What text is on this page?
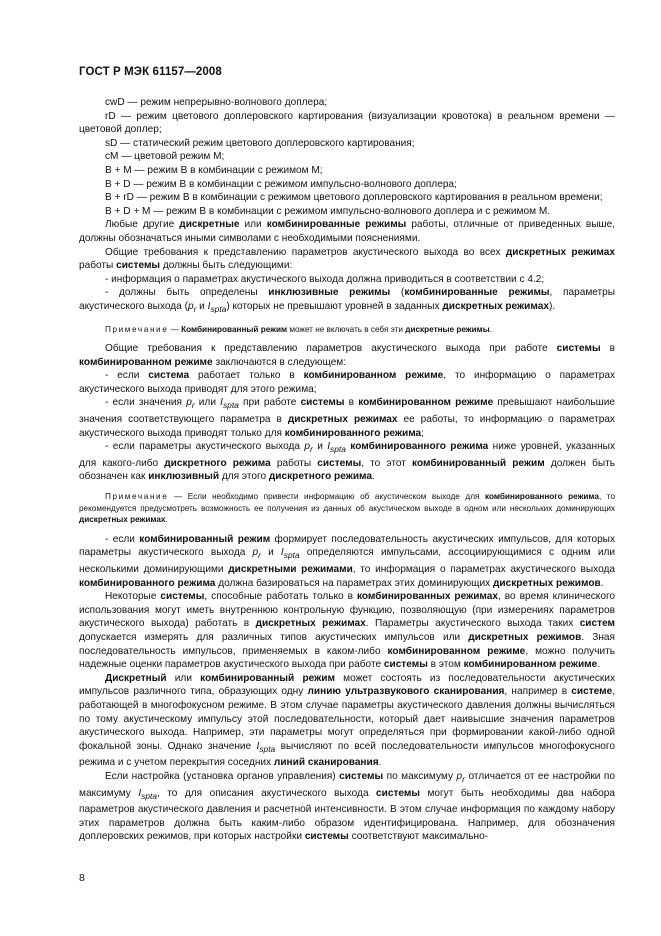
ГОСТ Р МЭК 61157—2008

cwD — режим непрерывно-волнового доплера;

rD — режим цветового доплеровского картирования (визуализации кровотока) в реальном времени — цветовой доплер;

sD — статический режим цветового доплеровского картирования;

cM — цветовой режим M;

B + M — режим B в комбинации с режимом M;

B + D — режим B в комбинации с режимом импульсно-волнового доплера;

B + rD — режим B в комбинации с режимом цветового доплеровского картирования в реальном времени;

B + D + M — режим B в комбинации с режимом импульсно-волнового доплера и с режимом M.

Любые другие дискретные или комбинированные режимы работы, отличные от приведенных выше, должны обозначаться иными символами с необходимыми пояснениями.

Общие требования к представлению параметров акустического выхода во всех дискретных режимах работы системы должны быть следующими:

- информация о параметрах акустического выхода должна приводиться в соответствии с 4.2;

- должны быть определены инклюзивные режимы (комбинированные режимы, параметры акустического выхода ($p_r$ и $I_{spta}$) которых не превышают уровней в заданных дискретных режимах).

Примечание — Комбинированный режим может не включать в себя эти дискретные режимы.

Общие требования к представлению параметров акустического выхода при работе системы в комбинированном режиме заключаются в следующем:

- если система работает только в комбинированном режиме, то информацию о параметрах акустического выхода приводят для этого режима;

- если значения $p_r$ или $I_{spta}$ при работе системы в комбинированном режиме превышают наибольшие значения соответствующего параметра в дискретных режимах ее работы, то информацию о параметрах акустического выхода приводят только для комбинированного режима;

- если параметры акустического выхода $p_r$ и $I_{spta}$ комбинированного режима ниже уровней, указанных для какого-либо дискретного режима работы системы, то этот комбинированный режим должен быть обозначен как инклюзивный для этого дискретного режима.

Примечание — Если необходимо привести информацию об акустическом выходе для комбинированного режима, то рекомендуется предусмотреть возможность ее получения из данных об акустическом выходе в одном или нескольких доминирующих дискретных режимах.

- если комбинированный режим формирует последовательность акустических импульсов, для которых параметры акустического выхода $p_r$ и $I_{spta}$ определяются импульсами, ассоциирующимися с одним или несколькими доминирующими дискретными режимами, то информация о параметрах акустического выхода комбинированного режима должна базироваться на параметрах этих доминирующих дискретных режимов.

Некоторые системы, способные работать только в комбинированных режимах, во время клинического использования могут иметь внутреннюю контрольную функцию, позволяющую (при измерениях параметров акустического выхода) работать в дискретных режимах. Параметры акустического выхода таких систем допускается измерять для различных типов акустических импульсов или дискретных режимов. Зная последовательность импульсов, применяемых в каком-либо комбинированном режиме, можно получить надежные оценки параметров акустического выхода при работе системы в этом комбинированном режиме.

Дискретный или комбинированный режим может состоять из последовательности акустических импульсов различного типа, образующих одну линию ультразвукового сканирования, например в системе, работающей в многофокусном режиме. В этом случае параметры акустического давления должны вычисляться по тому акустическому импульсу этой последовательности, который дает наивысшие значения параметров акустического выхода. Например, эти параметры могут определяться при формировании какой-либо одной фокальной зоны. Однако значение $I_{spta}$ вычисляют по всей последовательности импульсов многофокусного режима и с учетом перекрытия соседних линий сканирования.

Если настройка (установка органов управления) системы по максимуму $p_r$ отличается от ее настройки по максимуму $I_{spta}$, то для описания акустического выхода системы могут быть необходимы два набора параметров акустического давления и расчетной интенсивности. В этом случае информация по каждому набору этих параметров должна быть каким-либо образом идентифицирована. Например, для обозначения доплеровских режимов, при которых настройки системы соответствуют максимально-

8
